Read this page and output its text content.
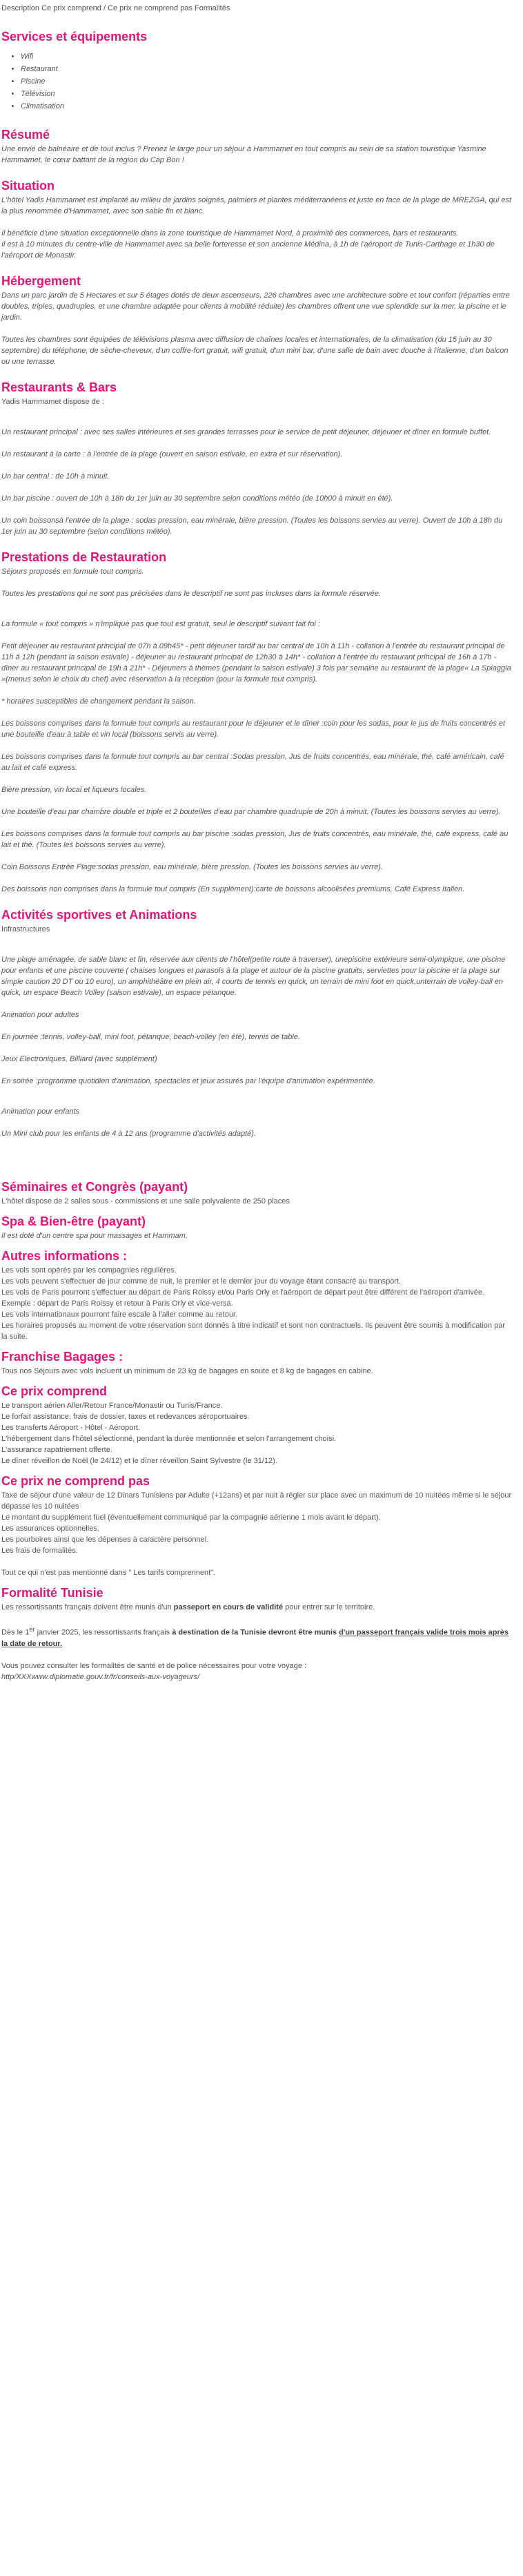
Description Ce prix comprend / Ce prix ne comprend pas Formalités
Services et équipements
• Wifi
• Restaurant
• Piscine
• Télévision
• Climatisation
Résumé

Une envie de balnéaire et de tout inclus ? Prenez le large pour un séjour à Hammamet en tout compris au sein de sa station touristique Yasmine Hammamet, le cœur battant de la région du Cap Bon !

Situation

L'hôtel Yadis Hammamet est implanté au milieu de jardins soignés, palmiers et plantes méditerranéens et juste en face de la plage de MREZGA, qui est la plus renommée d'Hammamet, avec son sable fin et blanc.

Il bénéficie d'une situation exceptionnelle dans la zone touristique de Hammamet Nord, à proximité des commerces, bars et restaurants.

Il est à 10 minutes du centre-ville de Hammamet avec sa belle forteresse et son ancienne Médina, à 1h de l'aéroport de Tunis-Carthage et 1h30 de l'aéroport de Monastir.

Hébergement

Dans un parc jardin de 5 Hectares et sur 5 étages dotés de deux ascenseurs, 226 chambres avec une architecture sobre et tout confort (réparties entre doubles, triples, quadruples, et une chambre adaptée pour clients à mobilité réduite) les chambres offrent une vue splendide sur la mer, la piscine et le jardin.

Toutes les chambres sont équipées de télévisions plasma avec diffusion de chaînes locales et internationales, de la climatisation (du 15 juin au 30 septembre) du téléphone, de sèche-cheveux, d'un coffre-fort gratuit, wifi gratuit, d'un mini bar, d'une salle de bain avec douche à l'italienne, d'un balcon ou une terrasse.

Restaurants & Bars
Yadis Hammamet dispose de :

Un restaurant principal : avec ses salles intérieures et ses grandes terrasses pour le service de petit déjeuner, déjeuner et dîner en formule buffet.

Un restaurant à la carte : à l'entrée de la plage (ouvert en saison estivale, en extra et sur réservation).

Un bar central : de 10h à minuit.

Un bar piscine : ouvert de 10h à 18h du 1er juin au 30 septembre selon conditions météo (de 10h00 à minuit en été).

Un coin boissonsà l'entrée de la plage : sodas pression, eau minérale, bière pression. (Toutes les boissons servies au verre). Ouvert de 10h à 18h du 1er juin au 30 septembre (selon conditions météo).

Prestations de Restauration
Séjours proposés en formule tout compris.

Toutes les prestations qui ne sont pas précisées dans le descriptif ne sont pas incluses dans la formule réservée.

La formule « tout compris » n'implique pas que tout est gratuit, seul le descriptif suivant fait foi :

Petit déjeuner au restaurant principal de 07h à 09h45* - petit déjeuner tardif au bar central de 10h à 11h - collation à l'entrée du restaurant principal de 11h à 12h (pendant la saison estivale) - déjeuner au restaurant principal de 12h30 à 14h* - collation à l'entrée du restaurant principal de 16h à 17h - dîner au restaurant principal de 19h à 21h* - Déjeuners à thèmes (pendant la saison estivale) 3 fois par semaine au restaurant de la plage« La Spiaggia »(menus selon le choix du chef) avec réservation à la réception (pour la formule tout compris).

* horaires susceptibles de changement pendant la saison.

Les boissons comprises dans la formule tout compris au restaurant pour le déjeuner et le dîner :coin pour les sodas, pour le jus de fruits concentrés et une bouteille d'eau à table et vin local (boissons servis au verre).

Les boissons comprises dans la formule tout compris au bar central :Sodas pression, Jus de fruits concentrés, eau minérale, thé, café américain, café au lait et café express.

Bière pression, vin local et liqueurs locales.

Une bouteille d'eau par chambre double et triple et 2 bouteilles d'eau par chambre quadruple de 20h à minuit. (Toutes les boissons servies au verre).

Les boissons comprises dans la formule tout compris au bar piscine :sodas pression, Jus de fruits concentrés, eau minérale, thé, café express, café au lait et thé. (Toutes les boissons servies au verre).

Coin Boissons Entrée Plage:sodas pression, eau minérale, bière pression. (Toutes les boissons servies au verre).

Des boissons non comprises dans la formule tout compris (En supplément):carte de boissons alcoolisées premiums, Café Express Italien.

Activités sportives et Animations
Infrastructures

Une plage aménagée, de sable blanc et fin, réservée aux clients de l'hôtel(petite route à traverser), unepiscine extérieure semi-olympique, une piscine pour enfants et une piscine couverte ( chaises longues et parasols à la plage et autour de la piscine gratuits, serviettes pour la piscine et la plage sur simple caution 20 DT ou 10 euro), un amphithéâtre en plein air, 4 courts de tennis en quick, un terrain de mini foot en quick,unterrain de volley-ball en quick, un espace Beach Volley (saison estivale), un espace pétanque.

Animation pour adultes

En journée :tennis, volley-ball, mini foot, pétanque, beach-volley (en été), tennis de table.

Jeux Electroniques, Billiard (avec supplément)

En soirée :programme quotidien d'animation, spectacles et jeux assurés par l'équipe d'animation expérimentée.

Animation pour enfants

Un Mini club pour les enfants de 4 à 12 ans (programme d'activités adapté).

Séminaires et Congrès (payant)
L'hôtel dispose de 2 salles sous - commissions et une salle polyvalente de 250 places
Spa & Bien-être (payant)

Il est doté d'un centre spa pour massages et Hammam.

Autres informations :
Les vols sont opérés par les compagnies régulières.
Les vols peuvent s'effectuer de jour comme de nuit, le premier et le dernier jour du voyage étant consacré au transport.
Les vols de Paris pourront s'effectuer au départ de Paris Roissy et/ou Paris Orly et l'aéroport de départ peut être différent de l'aéroport d'arrivée.
Exemple : départ de Paris Roissy et retour à Paris Orly et vice-versa.
Les vols internationaux pourront faire escale à l'aller comme au retour.
Les horaires proposés au moment de votre réservation sont donnés à titre indicatif et sont non contractuels. Ils peuvent être soumis à modification par la suite.
Franchise Bagages :
Tous nos Séjours avec vols incluent un minimum de 23 kg de bagages en soute et 8 kg de bagages en cabine.
Ce prix comprend
Le transport aérien Aller/Retour France/Monastir ou Tunis/France.
Le forfait assistance, frais de dossier, taxes et redevances aéroportuaires.
Les transferts Aéroport - Hôtel - Aéroport.
L'hébergement dans l'hôtel sélectionné, pendant la durée mentionnée et selon l'arrangement choisi.
L'assurance rapatriement offerte.
Le dîner réveillon de Noël (le 24/12) et le dîner réveillon Saint Sylvestre (le 31/12).
Ce prix ne comprend pas
Taxe de séjour d'une valeur de 12 Dinars Tunisiens par Adulte (+12ans) et par nuit à régler sur place avec un maximum de 10 nuitées même si le séjour dépasse les 10 nuitées
Le montant du supplément fuel (éventuellement communiqué par la compagnie aérienne 1 mois avant le départ).
Les assurances optionnelles.
Les pourboires ainsi que les dépenses à caractère personnel.
Les frais de formalités.
Tout ce qui n'est pas mentionné dans " Les tarifs comprennent".
Formalité Tunisie
Les ressortissants français doivent être munis d'un passeport en cours de validité pour entrer sur le territoire.
Dès le 1er janvier 2025, les ressortissants français à destination de la Tunisie devront être munis d'un passeport français valide trois mois après la date de retour.
Vous pouvez consulter les formalités de santé et de police nécessaires pour votre voyage :
http/XXXwww.diplomatie.gouv.fr/fr/conseils-aux-voyageurs/
